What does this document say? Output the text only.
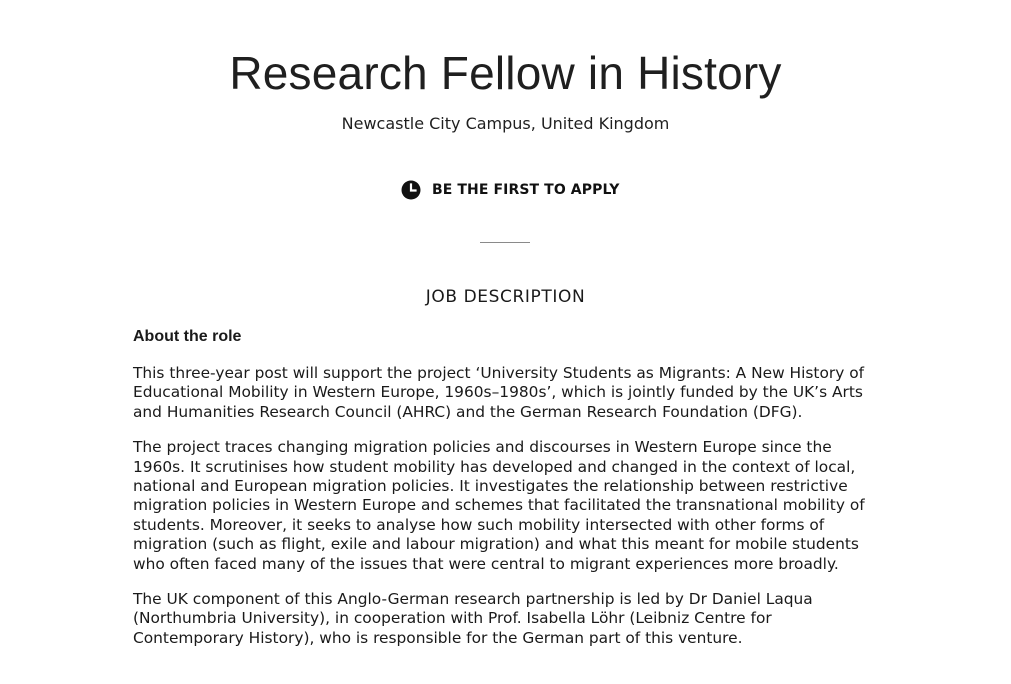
Research Fellow in History
Newcastle City Campus, United Kingdom
BE THE FIRST TO APPLY
JOB DESCRIPTION

About the role

This three-year post will support the project ‘University Students as Migrants: A New History of Educational Mobility in Western Europe, 1960s–1980s’, which is jointly funded by the UK’s Arts and Humanities Research Council (AHRC) and the German Research Foundation (DFG).

The project traces changing migration policies and discourses in Western Europe since the 1960s. It scrutinises how student mobility has developed and changed in the context of local, national and European migration policies. It investigates the relationship between restrictive migration policies in Western Europe and schemes that facilitated the transnational mobility of students. Moreover, it seeks to analyse how such mobility intersected with other forms of migration (such as flight, exile and labour migration) and what this meant for mobile students who often faced many of the issues that were central to migrant experiences more broadly.

The UK component of this Anglo-German research partnership is led by Dr Daniel Laqua (Northumbria University), in cooperation with Prof. Isabella Löhr (Leibniz Centre for Contemporary History), who is responsible for the German part of this venture.
